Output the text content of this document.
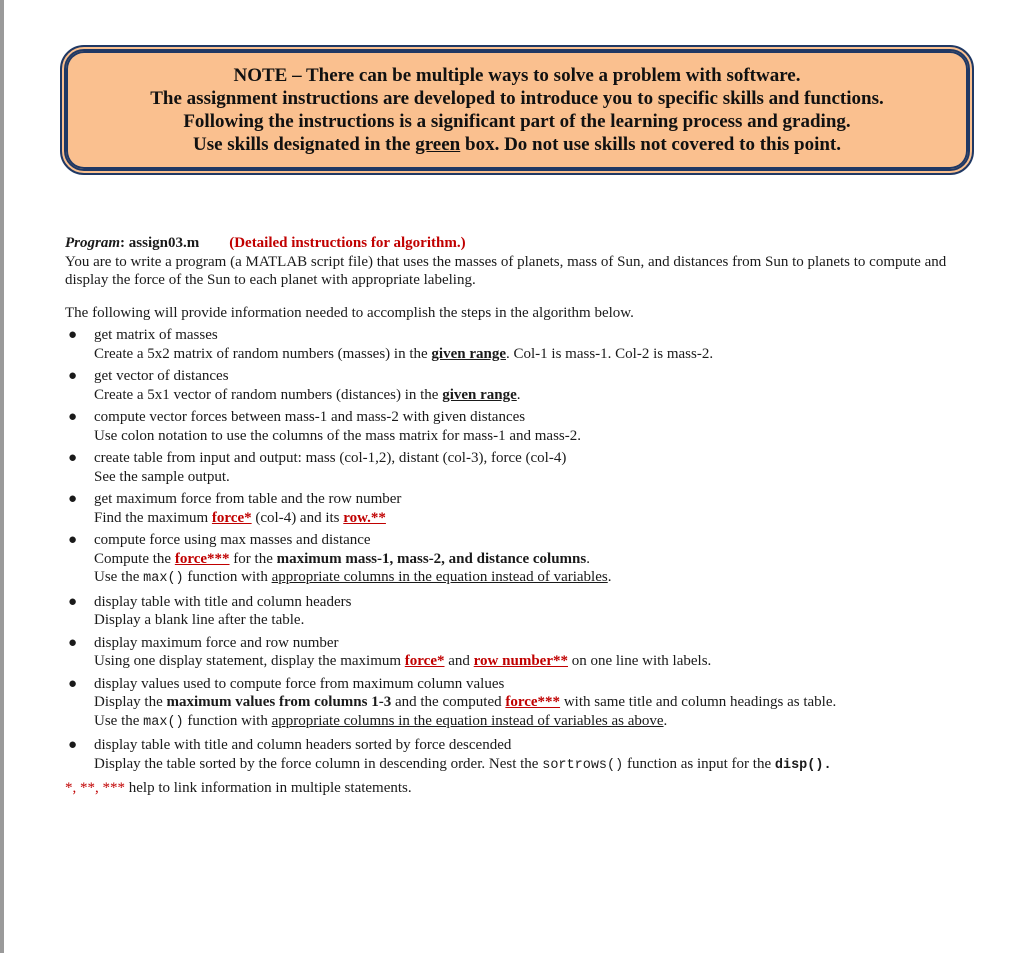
NOTE – There can be multiple ways to solve a problem with software.
The assignment instructions are developed to introduce you to specific skills and functions.
Following the instructions is a significant part of the learning process and grading.
Use skills designated in the green box. Do not use skills not covered to this point.

Program: assign03.m (Detailed instructions for algorithm.)

You are to write a program (a MATLAB script file) that uses the masses of planets, mass of Sun, and distances from Sun to planets to compute and display the force of the Sun to each planet with appropriate labeling.

The following will provide information needed to accomplish the steps in the algorithm below.

● get matrix of masses
Create a 5x2 matrix of random numbers (masses) in the given range. Col-1 is mass-1. Col-2 is mass-2.
● get vector of distances
Create a 5x1 vector of random numbers (distances) in the given range.
● compute vector forces between mass-1 and mass-2 with given distances
Use colon notation to use the columns of the mass matrix for mass-1 and mass-2.
● create table from input and output: mass (col-1,2), distant (col-3), force (col-4)
See the sample output.
● get maximum force from table and the row number
Find the maximum force* (col-4) and its row.**
● compute force using max masses and distance
Compute the force*** for the maximum mass-1, mass-2, and distance columns.
Use the max() function with appropriate columns in the equation instead of variables.
● display table with title and column headers
Display a blank line after the table.
● display maximum force and row number
Using one display statement, display the maximum force* and row number** on one line with labels.
● display values used to compute force from maximum column values
Display the maximum values from columns 1-3 and the computed force*** with same title and column headings as table.
Use the max() function with appropriate columns in the equation instead of variables as above.
● display table with title and column headers sorted by force descended
Display the table sorted by the force column in descending order. Nest the sortrows() function as input for the disp().

*, **, *** help to link information in multiple statements.
